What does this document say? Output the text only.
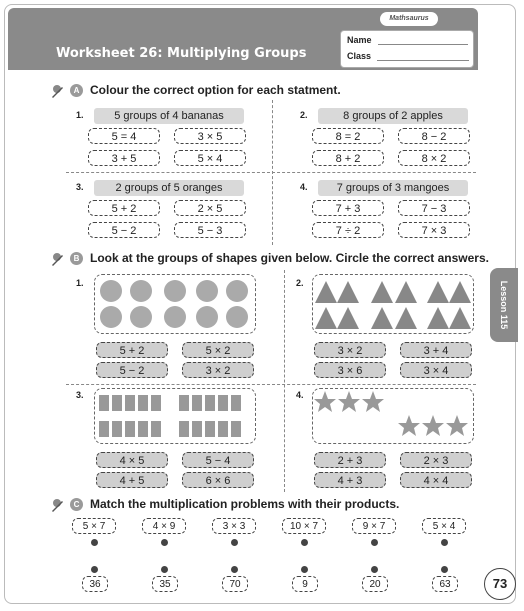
Mathsaurus
Worksheet 26: Multiplying Groups
Name
Class
Lesson 115
A Colour the correct option for each statment.
1.	5 groups of 4 bananas
5 = 4	3 × 5
3 + 5	5 × 4
2.	8 groups of 2 apples
8 = 2	8 − 2
8 + 2	8 × 2
3.	2 groups of 5 oranges
5 + 2	2 × 5
5 − 2	5 − 3
4.	7 groups of 3 mangoes
7 + 3	7 − 3
7 ÷ 2	7 × 3
B Look at the groups of shapes given below. Circle the correct answers.
1.
5 + 2	5 × 2
5 − 2	3 × 2
2.
3 × 2	3 + 4
3 × 6	3 × 4
3.
4 × 5	5 − 4
4 + 5	6 × 6
4.
2 + 3	2 × 3
4 + 3	4 × 4
C Match the multiplication problems with their products.
5 × 7	4 × 9	3 × 3	10 × 7	9 × 7	5 × 4
36	35	70	9	20	63	73
